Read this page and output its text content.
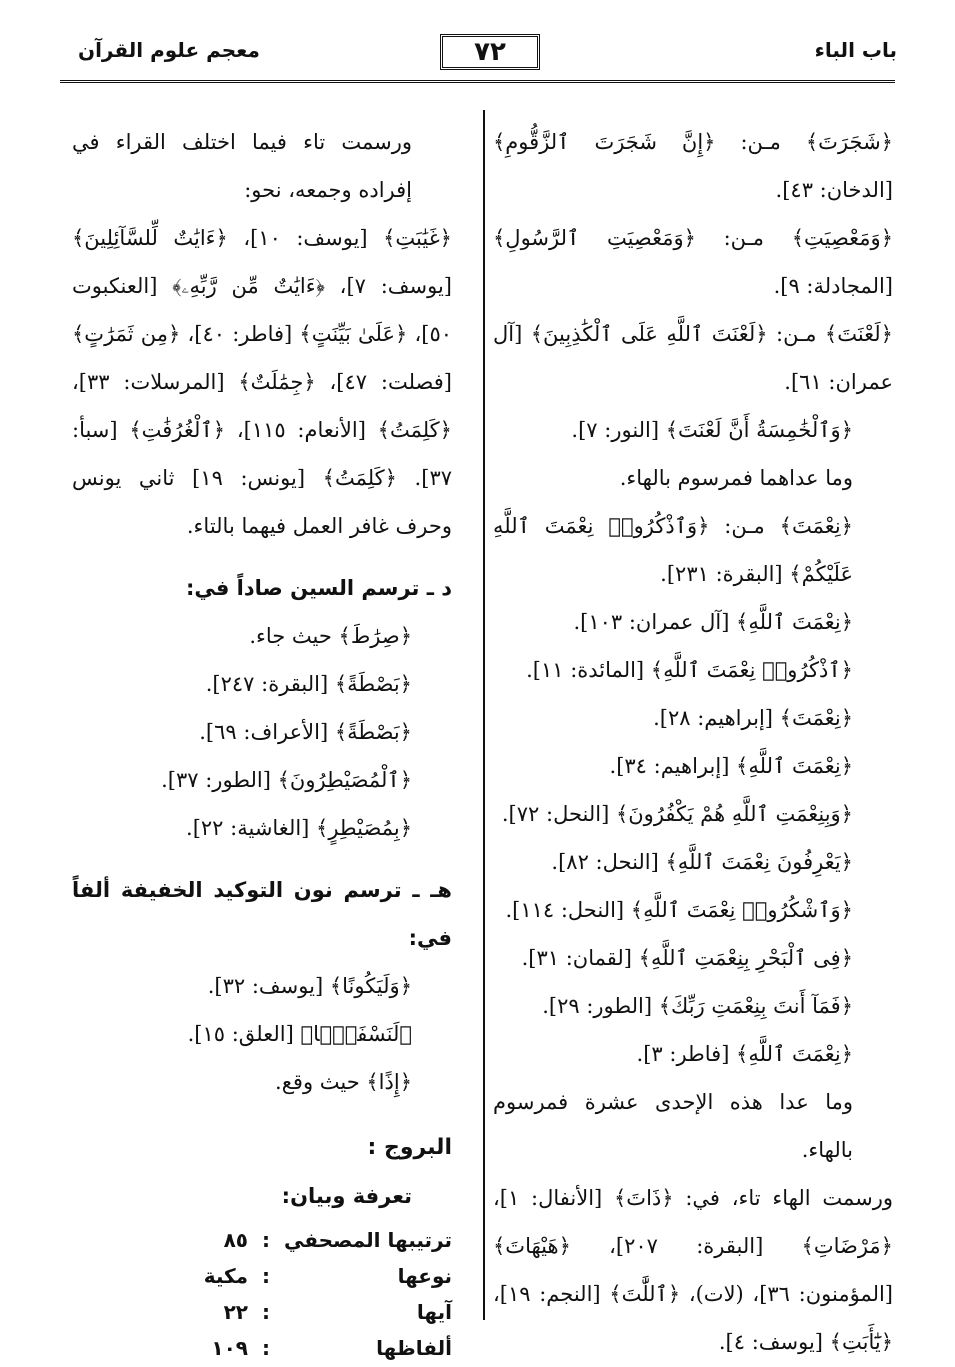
باب الباء
٧٢
معجم علوم القرآن

﴿شَجَرَتَ﴾ مـن: ﴿إِنَّ شَجَرَتَ ٱلزَّقُّومِ﴾ [الدخان: ٤٣].

﴿وَمَعْصِيَتِ﴾ مـن: ﴿وَمَعْصِيَتِ ٱلرَّسُولِ﴾ [المجادلة: ٩].

﴿لَعْنَتَ﴾ مـن: ﴿لَعْنَتَ ٱللَّهِ عَلَى ٱلْكَٰذِبِينَ﴾ [آل عمران: ٦١].

﴿وَٱلْخَٰمِسَةُ أَنَّ لَعْنَتَ﴾ [النور: ٧].

وما عداهما فمرسوم بالهاء.

﴿نِعْمَتَ﴾ مـن: ﴿وَٱذْكُرُوا۟ نِعْمَتَ ٱللَّهِ عَلَيْكُمْ﴾ [البقرة: ٢٣١].

﴿نِعْمَتَ ٱللَّهِ﴾ [آل عمران: ١٠٣].

﴿ٱذْكُرُوا۟ نِعْمَتَ ٱللَّهِ﴾ [المائدة: ١١].

﴿نِعْمَتَ﴾ [إبراهيم: ٢٨].

﴿نِعْمَتَ ٱللَّهِ﴾ [إبراهيم: ٣٤].

﴿وَبِنِعْمَتِ ٱللَّهِ هُمْ يَكْفُرُونَ﴾ [النحل: ٧٢].

﴿يَعْرِفُونَ نِعْمَتَ ٱللَّهِ﴾ [النحل: ٨٢].

﴿وَٱشْكُرُوا۟ نِعْمَتَ ٱللَّهِ﴾ [النحل: ١١٤].

﴿فِى ٱلْبَحْرِ بِنِعْمَتِ ٱللَّهِ﴾ [لقمان: ٣١].

﴿فَمَآ أَنتَ بِنِعْمَتِ رَبِّكَ﴾ [الطور: ٢٩].

﴿نِعْمَتَ ٱللَّهِ﴾ [فاطر: ٣].

وما عدا هذه الإحدى عشرة فمرسوم بالهاء.

ورسمت الهاء تاء، في: ﴿ذَاتَ﴾ [الأنفال: ١]، ﴿مَرْضَاتِ﴾ [البقرة: ٢٠٧]، ﴿هَيْهَاتَ﴾ [المؤمنون: ٣٦]، (لات)، ﴿ٱللَّٰتَ﴾ [النجم: ١٩]، ﴿يَٰٓأَبَتِ﴾ [يوسف: ٤].

ورسمت تاء فيما اختلف القراء في إفراده وجمعه، نحو:

﴿غَيَٰبَتِ﴾ [يوسف: ١٠]، ﴿ءَايَٰتٌ لِّلسَّآئِلِينَ﴾ [يوسف: ٧]، ﴿ءَايَٰتٌ مِّن رَّبِّهِۦ﴾ [العنكبوت ٥٠]، ﴿عَلَىٰ بَيِّنَتٍ﴾ [فاطر: ٤٠]، ﴿مِن ثَمَرَٰتٍ﴾ [فصلت: ٤٧]، ﴿جِمَٰلَتٌ﴾ [المرسلات: ٣٣]، ﴿كَلِمَتُ﴾ [الأنعام: ١١٥]، ﴿ٱلْغُرُفَٰتِ﴾ [سبأ: ٣٧]. ﴿كَلِمَتُ﴾ [يونس: ١٩] ثاني يونس وحرف غافر العمل فيهما بالتاء.

د ـ ترسم السين صاداً في:

﴿صِرَٰطَ﴾ حيث جاء.

﴿بَصْطَةً﴾ [البقرة: ٢٤٧].

﴿بَصْطَةً﴾ [الأعراف: ٦٩].

﴿ٱلْمُصَيْطِرُونَ﴾ [الطور: ٣٧].

﴿بِمُصَيْطِرٍ﴾ [الغاشية: ٢٢].

هـ ـ ترسم نون التوكيد الخفيفة ألفاً في:

﴿وَلَيَكُونًا﴾ [يوسف: ٣٢].

﴿لَنَسْفَعًۢا﴾ [العلق: ١٥].

﴿إِذًا﴾ حيث وقع.

البروج :

تعرفة وبيان:

ترتيبها المصحفي	:	٨٥
نوعها	:	مكية
آيها	:	٢٢
ألفاظها	:	١٠٩
